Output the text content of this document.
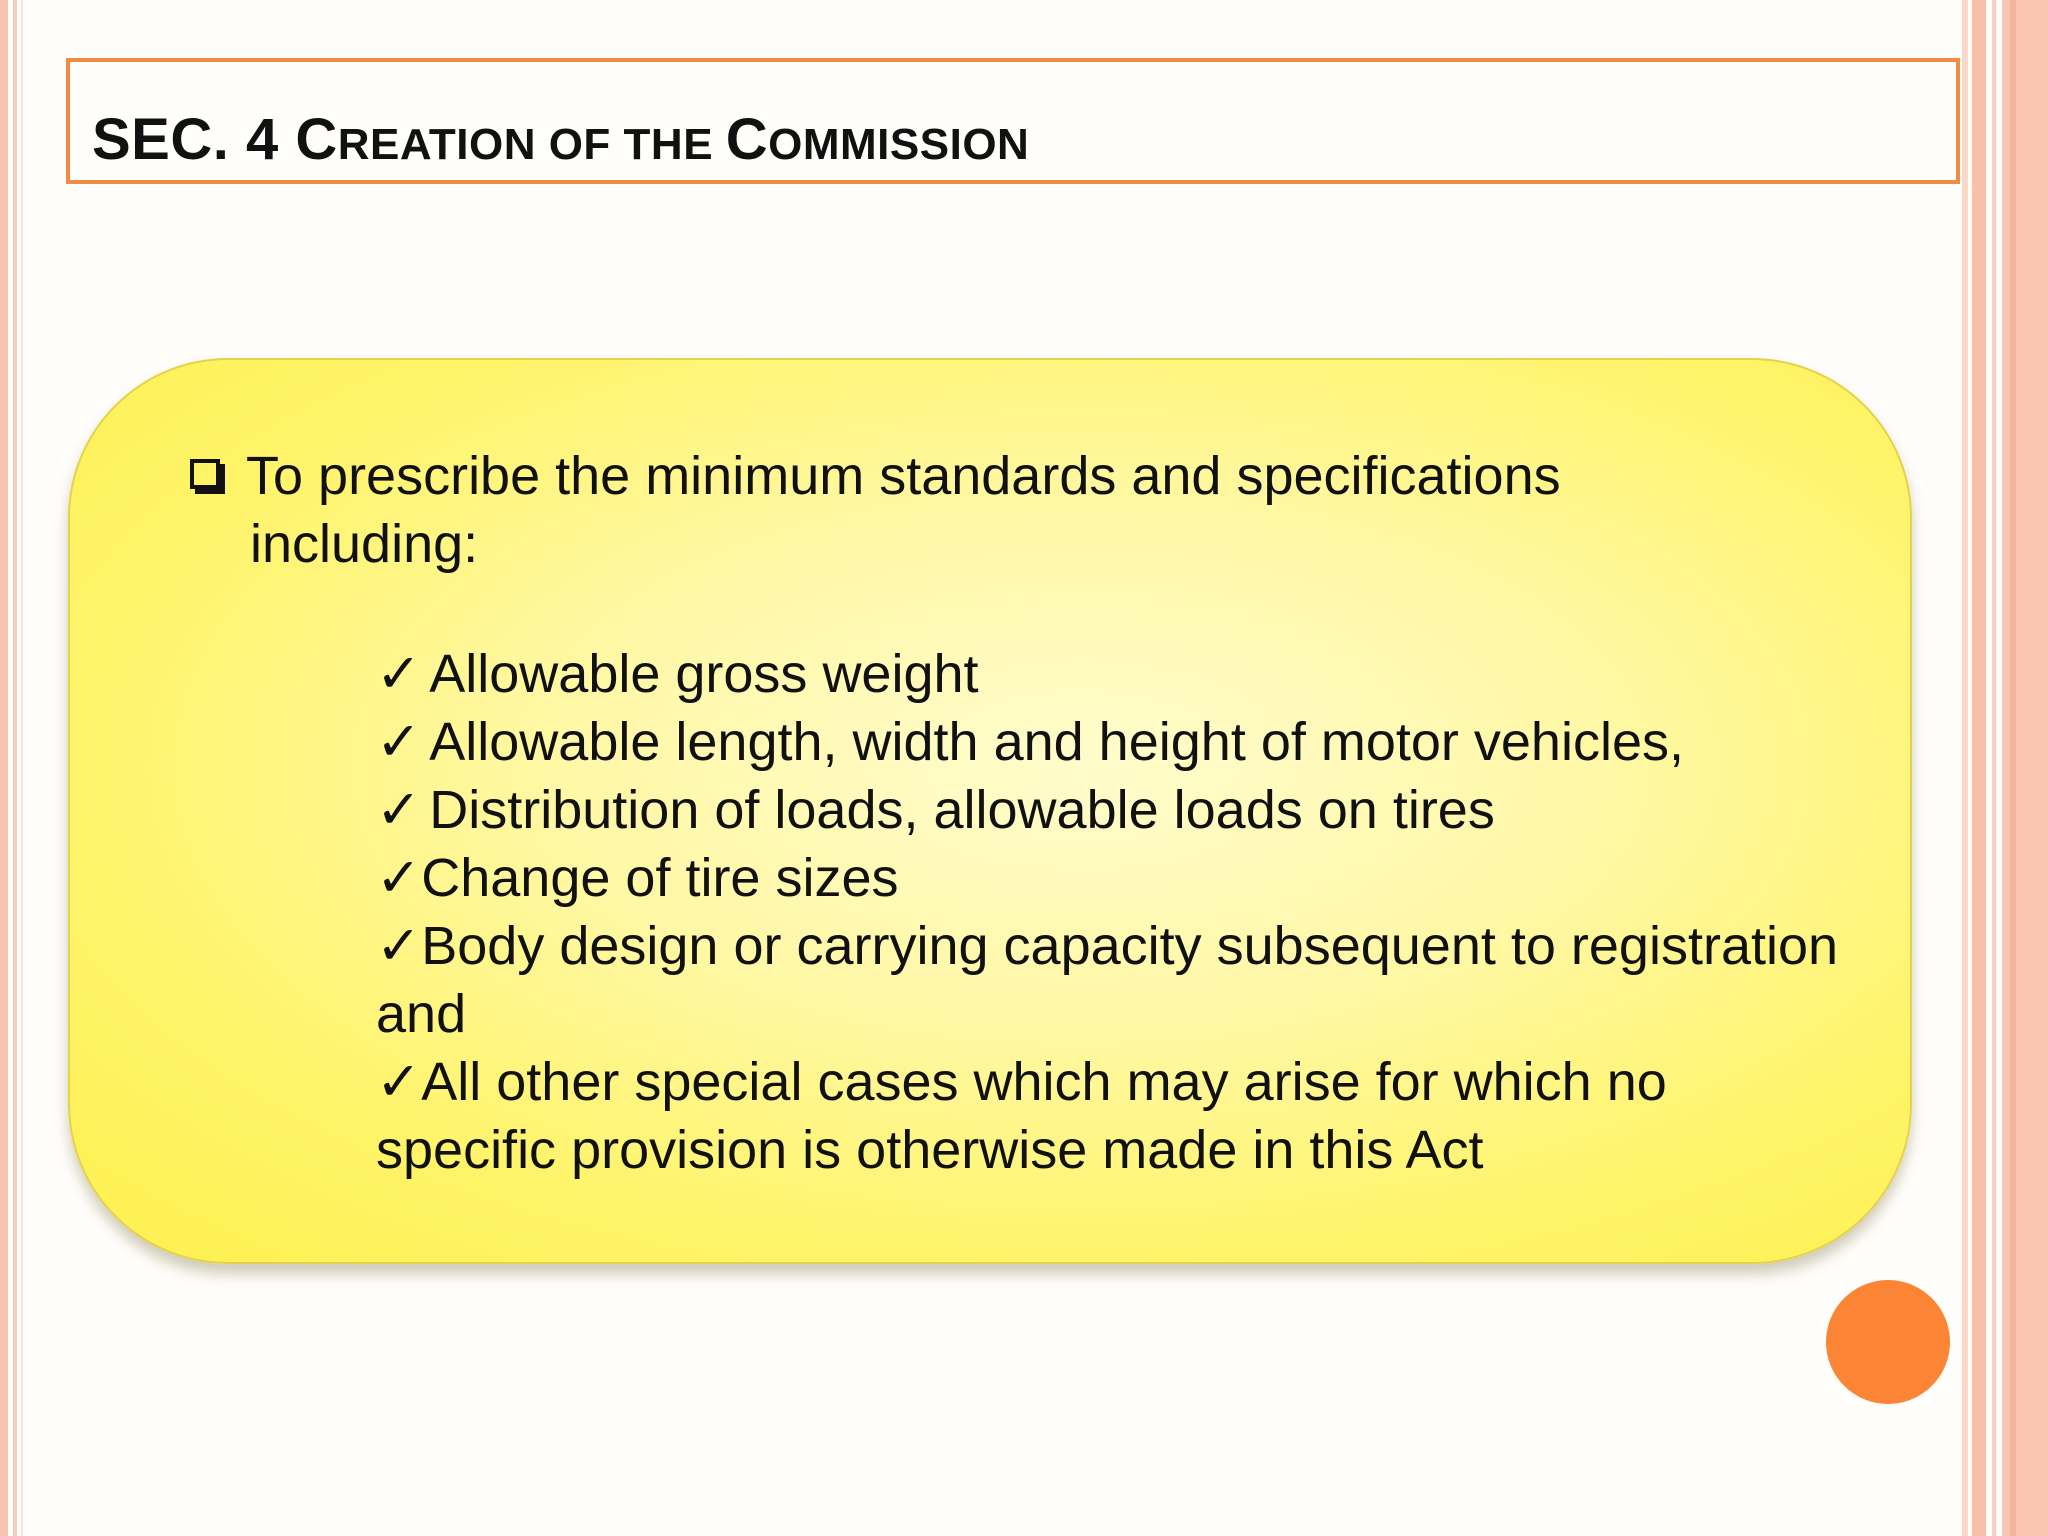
SEC. 4 CREATION OF THE COMMISSION
To prescribe the minimum standards and specifications
including:
✓ Allowable gross weight
✓ Allowable length, width and height of motor vehicles,
✓ Distribution of loads, allowable loads on tires
✓Change of tire sizes
✓Body design or carrying capacity subsequent to registration and
✓All other special cases which may arise for which no specific provision is otherwise made in this Act
